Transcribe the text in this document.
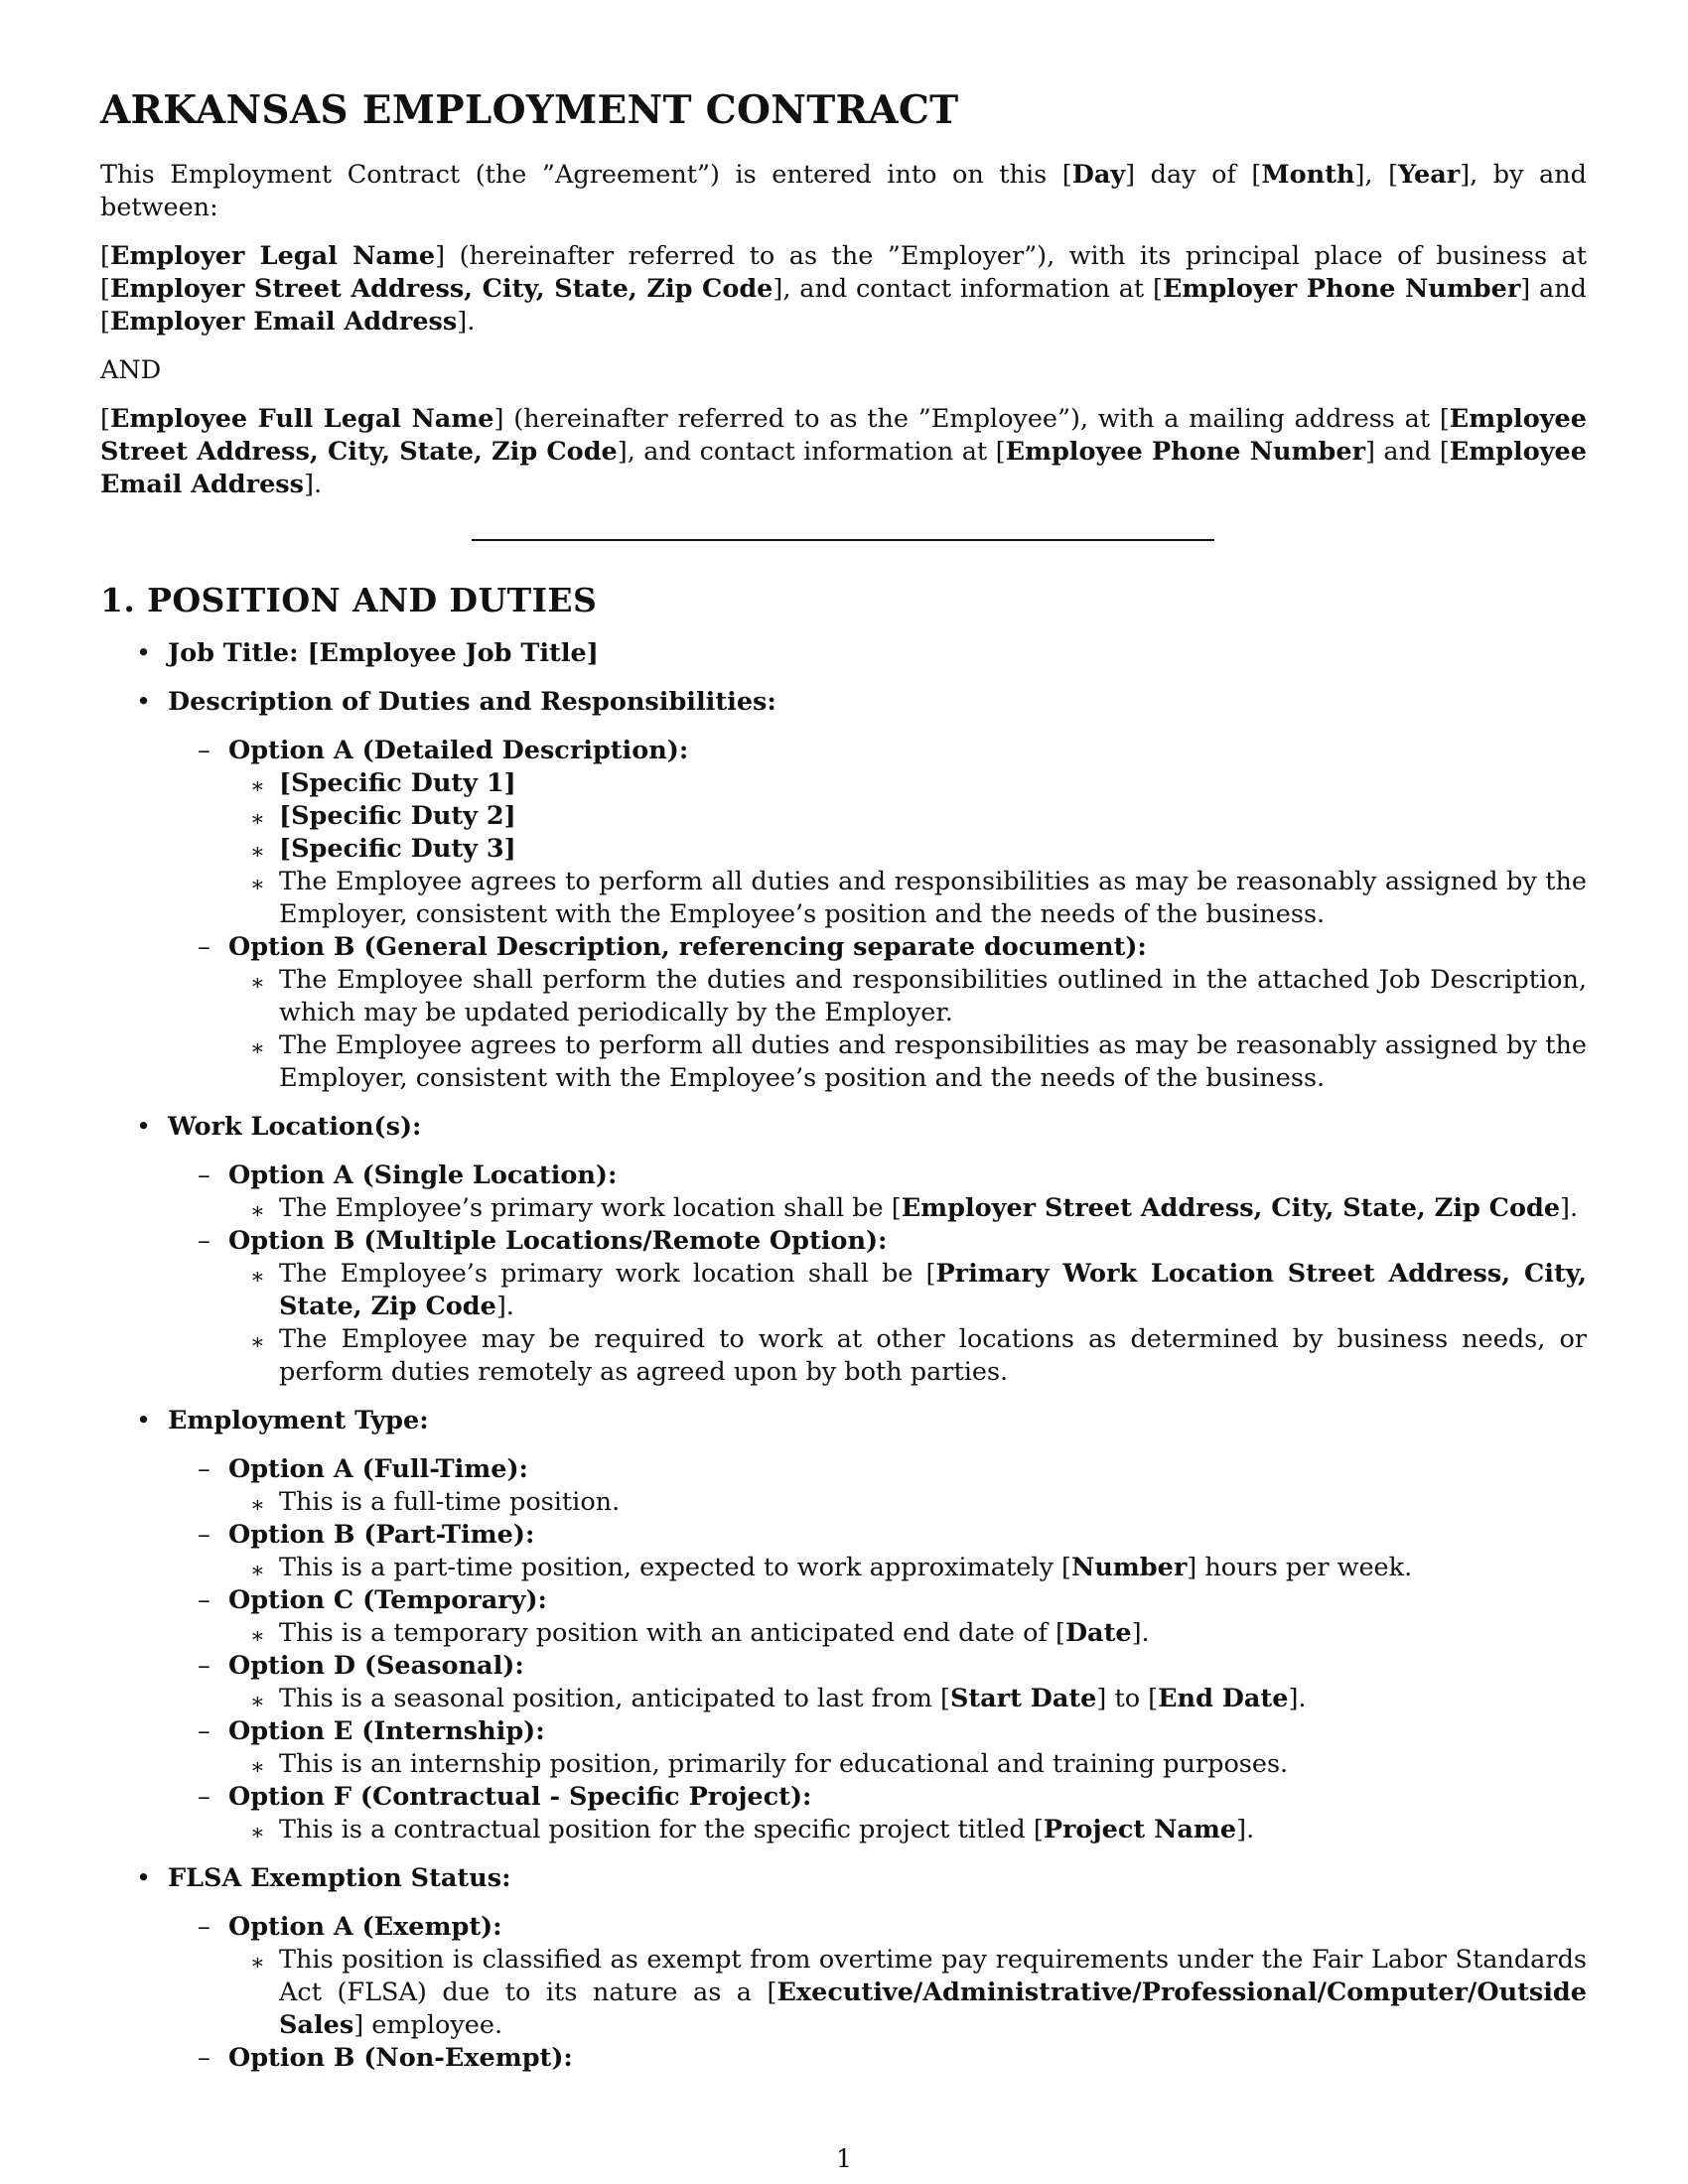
ARKANSAS EMPLOYMENT CONTRACT

This Employment Contract (the ”Agreement”) is entered into on this [Day] day of [Month], [Year], by and between:

[Employer Legal Name] (hereinafter referred to as the ”Employer”), with its principal place of business at [Employer Street Address, City, State, Zip Code], and contact information at [Employer Phone Number] and [Employer Email Address].

AND

[Employee Full Legal Name] (hereinafter referred to as the ”Employee”), with a mailing address at [Employee Street Address, City, State, Zip Code], and contact information at [Employee Phone Number] and [Employee Email Address].

1. POSITION AND DUTIES
• Job Title: [Employee Job Title]
• Description of Duties and Responsibilities:
– Option A (Detailed Description):
∗ [Specific Duty 1]
∗ [Specific Duty 2]
∗ [Specific Duty 3]
∗ The Employee agrees to perform all duties and responsibilities as may be reasonably assigned by the Employer, consistent with the Employee’s position and the needs of the business.
– Option B (General Description, referencing separate document):
∗ The Employee shall perform the duties and responsibilities outlined in the attached Job Description, which may be updated periodically by the Employer.
∗ The Employee agrees to perform all duties and responsibilities as may be reasonably assigned by the Employer, consistent with the Employee’s position and the needs of the business.
• Work Location(s):
– Option A (Single Location):
∗ The Employee’s primary work location shall be [Employer Street Address, City, State, Zip Code].
– Option B (Multiple Locations/Remote Option):
∗ The Employee’s primary work location shall be [Primary Work Location Street Address, City, State, Zip Code].
∗ The Employee may be required to work at other locations as determined by business needs, or perform duties remotely as agreed upon by both parties.
• Employment Type:
– Option A (Full-Time):
∗ This is a full-time position.
– Option B (Part-Time):
∗ This is a part-time position, expected to work approximately [Number] hours per week.
– Option C (Temporary):
∗ This is a temporary position with an anticipated end date of [Date].
– Option D (Seasonal):
∗ This is a seasonal position, anticipated to last from [Start Date] to [End Date].
– Option E (Internship):
∗ This is an internship position, primarily for educational and training purposes.
– Option F (Contractual - Specific Project):
∗ This is a contractual position for the specific project titled [Project Name].
• FLSA Exemption Status:
– Option A (Exempt):
∗ This position is classified as exempt from overtime pay requirements under the Fair Labor Standards Act (FLSA) due to its nature as a [Executive/Administrative/Professional/Computer/Outside Sales] employee.
– Option B (Non-Exempt):
1
